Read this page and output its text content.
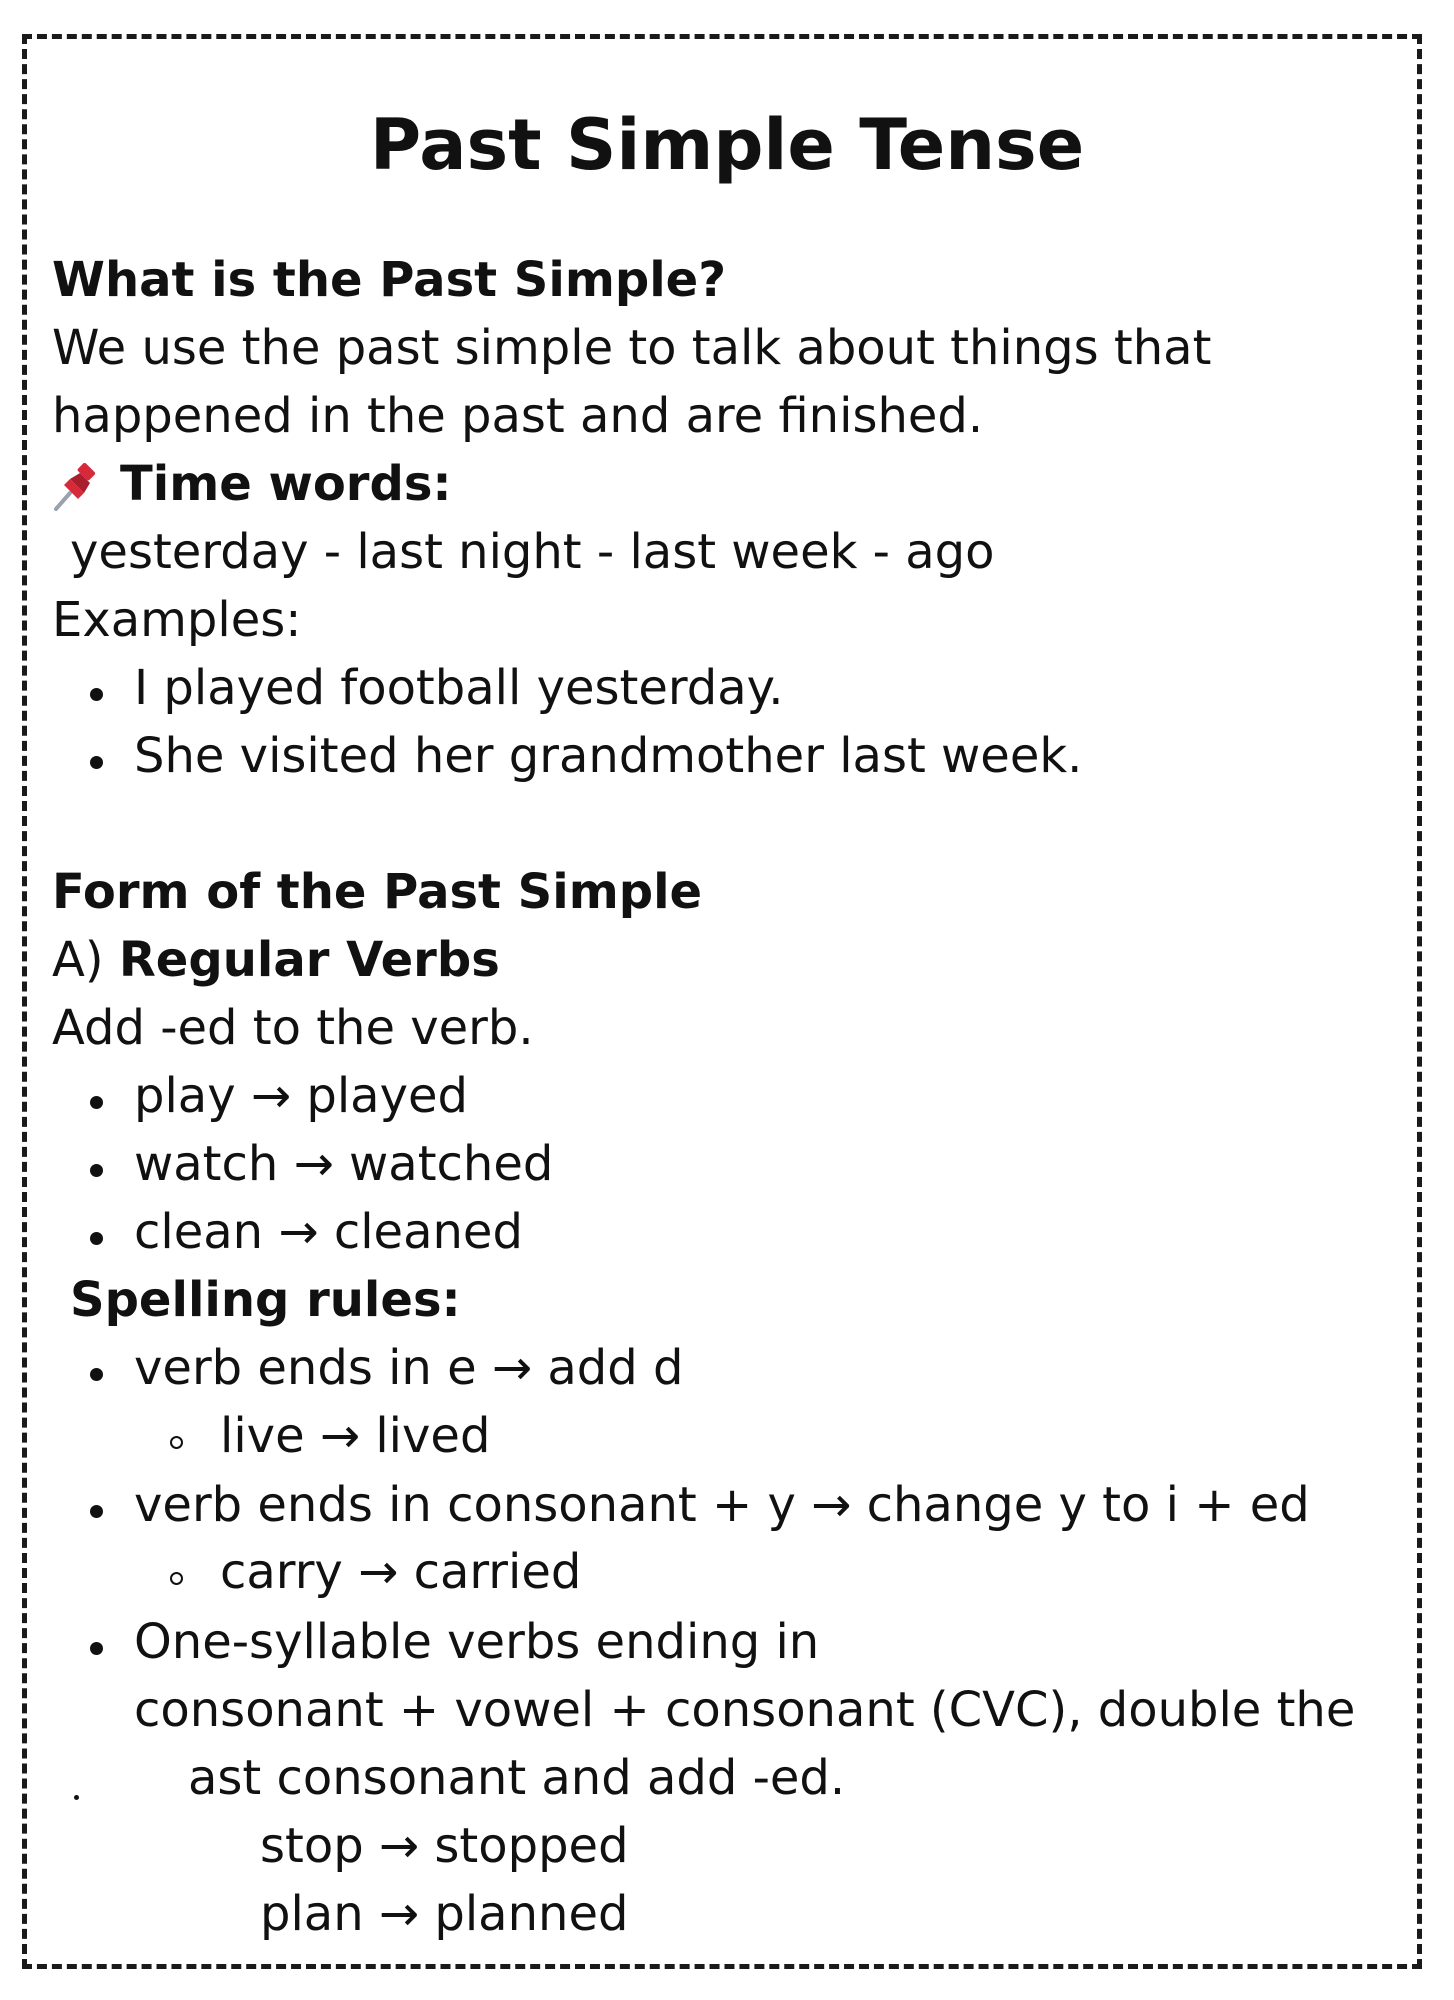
Past Simple Tense
What is the Past Simple?
We use the past simple to talk about things that
happened in the past and are finished.
Time words:
yesterday - last night - last week - ago
Examples:
I played football yesterday.
She visited her grandmother last week.
Form of the Past Simple
A) Regular Verbs
Add -ed to the verb.
play → played
watch → watched
clean → cleaned
Spelling rules:
verb ends in e → add d
live → lived
verb ends in consonant + y → change y to i + ed
carry → carried
One-syllable verbs ending in
consonant + vowel + consonant (CVC), double the
ast consonant and add -ed.
stop → stopped
plan → planned
